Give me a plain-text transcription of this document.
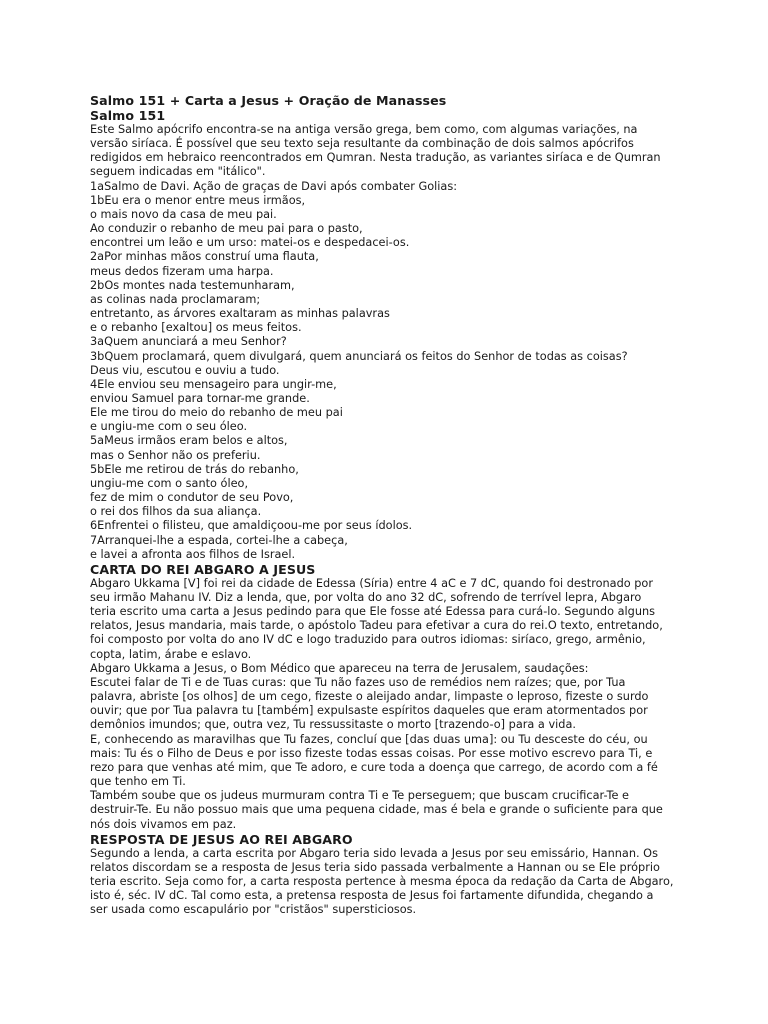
Salmo 151 + Carta a Jesus + Oração de Manasses
Salmo 151
Este Salmo apócrifo encontra-se na antiga versão grega, bem como, com algumas variações, na
versão siríaca. É possível que seu texto seja resultante da combinação de dois salmos apócrifos
redigidos em hebraico reencontrados em Qumran. Nesta tradução, as variantes siríaca e de Qumran
seguem indicadas em "itálico".
1aSalmo de Davi. Ação de graças de Davi após combater Golias:
1bEu era o menor entre meus irmãos,
o mais novo da casa de meu pai.
Ao conduzir o rebanho de meu pai para o pasto,
encontrei um leão e um urso: matei-os e despedacei-os.
2aPor minhas mãos construí uma flauta,
meus dedos fizeram uma harpa.
2bOs montes nada testemunharam,
as colinas nada proclamaram;
entretanto, as árvores exaltaram as minhas palavras
e o rebanho [exaltou] os meus feitos.
3aQuem anunciará a meu Senhor?
3bQuem proclamará, quem divulgará, quem anunciará os feitos do Senhor de todas as coisas?
Deus viu, escutou e ouviu a tudo.
4Ele enviou seu mensageiro para ungir-me,
enviou Samuel para tornar-me grande.
Ele me tirou do meio do rebanho de meu pai
e ungiu-me com o seu óleo.
5aMeus irmãos eram belos e altos,
mas o Senhor não os preferiu.
5bEle me retirou de trás do rebanho,
ungiu-me com o santo óleo,
fez de mim o condutor de seu Povo,
o rei dos filhos da sua aliança.
6Enfrentei o filisteu, que amaldiçoou-me por seus ídolos.
7Arranquei-lhe a espada, cortei-lhe a cabeça,
e lavei a afronta aos filhos de Israel.
CARTA DO REI ABGARO A JESUS
Abgaro Ukkama [V] foi rei da cidade de Edessa (Síria) entre 4 aC e 7 dC, quando foi destronado por
seu irmão Mahanu IV. Diz a lenda, que, por volta do ano 32 dC, sofrendo de terrível lepra, Abgaro
teria escrito uma carta a Jesus pedindo para que Ele fosse até Edessa para curá-lo. Segundo alguns
relatos, Jesus mandaria, mais tarde, o apóstolo Tadeu para efetivar a cura do rei.O texto, entretando,
foi composto por volta do ano IV dC e logo traduzido para outros idiomas: siríaco, grego, armênio,
copta, latim, árabe e eslavo.
Abgaro Ukkama a Jesus, o Bom Médico que apareceu na terra de Jerusalem, saudações:
Escutei falar de Ti e de Tuas curas: que Tu não fazes uso de remédios nem raízes; que, por Tua
palavra, abriste [os olhos] de um cego, fizeste o aleijado andar, limpaste o leproso, fizeste o surdo
ouvir; que por Tua palavra tu [também] expulsaste espíritos daqueles que eram atormentados por
demônios imundos; que, outra vez, Tu ressussitaste o morto [trazendo-o] para a vida.
E, conhecendo as maravilhas que Tu fazes, concluí que [das duas uma]: ou Tu desceste do céu, ou
mais: Tu és o Filho de Deus e por isso fizeste todas essas coisas. Por esse motivo escrevo para Ti, e
rezo para que venhas até mim, que Te adoro, e cure toda a doença que carrego, de acordo com a fé
que tenho em Ti.
Também soube que os judeus murmuram contra Ti e Te perseguem; que buscam crucificar-Te e
destruir-Te. Eu não possuo mais que uma pequena cidade, mas é bela e grande o suficiente para que
nós dois vivamos em paz.
RESPOSTA DE JESUS AO REI ABGARO
Segundo a lenda, a carta escrita por Abgaro teria sido levada a Jesus por seu emissário, Hannan. Os
relatos discordam se a resposta de Jesus teria sido passada verbalmente a Hannan ou se Ele próprio
teria escrito. Seja como for, a carta resposta pertence à mesma época da redação da Carta de Abgaro,
isto é, séc. IV dC. Tal como esta, a pretensa resposta de Jesus foi fartamente difundida, chegando a
ser usada como escapulário por "cristãos" supersticiosos.
